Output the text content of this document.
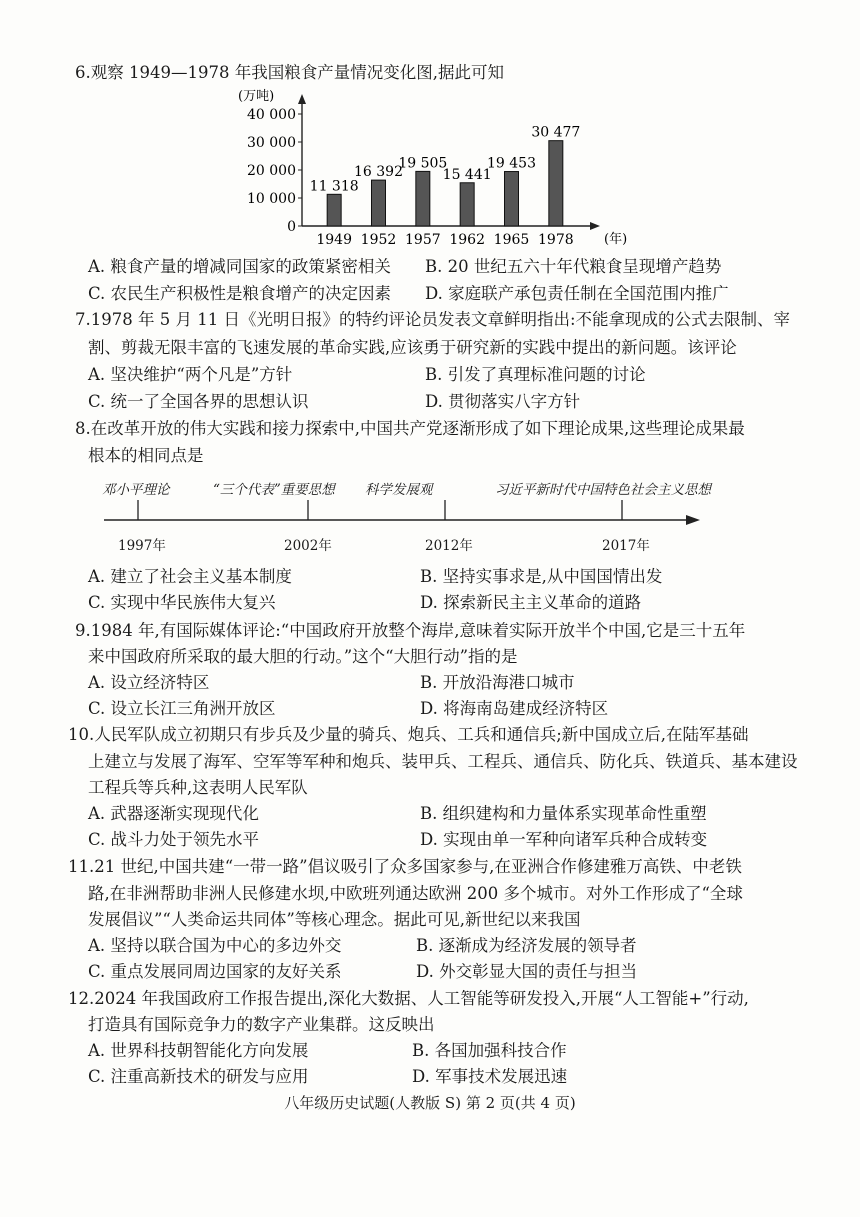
6.观察 1949—1978 年我国粮食产量情况变化图,据此可知
(万吨)
0
10 000
20 000
30 000
40 000
11 318
1949
16 392
1952
19 505
1957
15 441
1962
19 453
1965
30 477
1978 (年)
A. 粮食产量的增减同国家的政策紧密相关 B. 20 世纪五六十年代粮食呈现增产趋势
C. 农民生产积极性是粮食增产的决定因素 D. 家庭联产承包责任制在全国范围内推广
7.1978 年 5 月 11 日《光明日报》的特约评论员发表文章鲜明指出:不能拿现成的公式去限制、宰
割、剪裁无限丰富的飞速发展的革命实践,应该勇于研究新的实践中提出的新问题。该评论
A. 坚决维护“两个凡是”方针	B. 引发了真理标准问题的讨论
C. 统一了全国各界的思想认识	D. 贯彻落实八字方针
8.在改革开放的伟大实践和接力探索中,中国共产党逐渐形成了如下理论成果,这些理论成果最
根本的相同点是
邓小平理论	“三个代表”重要思想 科学发展观	习近平新时代中国特色社会主义思想
1997年	2002年	2012年	2017年
A. 建立了社会主义基本制度	B. 坚持实事求是,从中国国情出发
C. 实现中华民族伟大复兴	D. 探索新民主主义革命的道路
9.1984 年,有国际媒体评论:“中国政府开放整个海岸,意味着实际开放半个中国,它是三十五年
来中国政府所采取的最大胆的行动。”这个“大胆行动”指的是
A. 设立经济特区	B. 开放沿海港口城市
C. 设立长江三角洲开放区	D. 将海南岛建成经济特区
10.人民军队成立初期只有步兵及少量的骑兵、炮兵、工兵和通信兵;新中国成立后,在陆军基础
上建立与发展了海军、空军等军种和炮兵、装甲兵、工程兵、通信兵、防化兵、铁道兵、基本建设
工程兵等兵种,这表明人民军队
A. 武器逐渐实现现代化	B. 组织建构和力量体系实现革命性重塑
C. 战斗力处于领先水平	D. 实现由单一军种向诸军兵种合成转变
11.21 世纪,中国共建“一带一路”倡议吸引了众多国家参与,在亚洲合作修建雅万高铁、中老铁
路,在非洲帮助非洲人民修建水坝,中欧班列通达欧洲 200 多个城市。对外工作形成了“全球
发展倡议”“人类命运共同体”等核心理念。据此可见,新世纪以来我国
A. 坚持以联合国为中心的多边外交	B. 逐渐成为经济发展的领导者
C. 重点发展同周边国家的友好关系	D. 外交彰显大国的责任与担当
12.2024 年我国政府工作报告提出,深化大数据、人工智能等研发投入,开展“人工智能+”行动,
打造具有国际竞争力的数字产业集群。这反映出
A. 世界科技朝智能化方向发展	B. 各国加强科技合作
C. 注重高新技术的研发与应用	D. 军事技术发展迅速
八年级历史试题(人教版 S) 第 2 页(共 4 页)
